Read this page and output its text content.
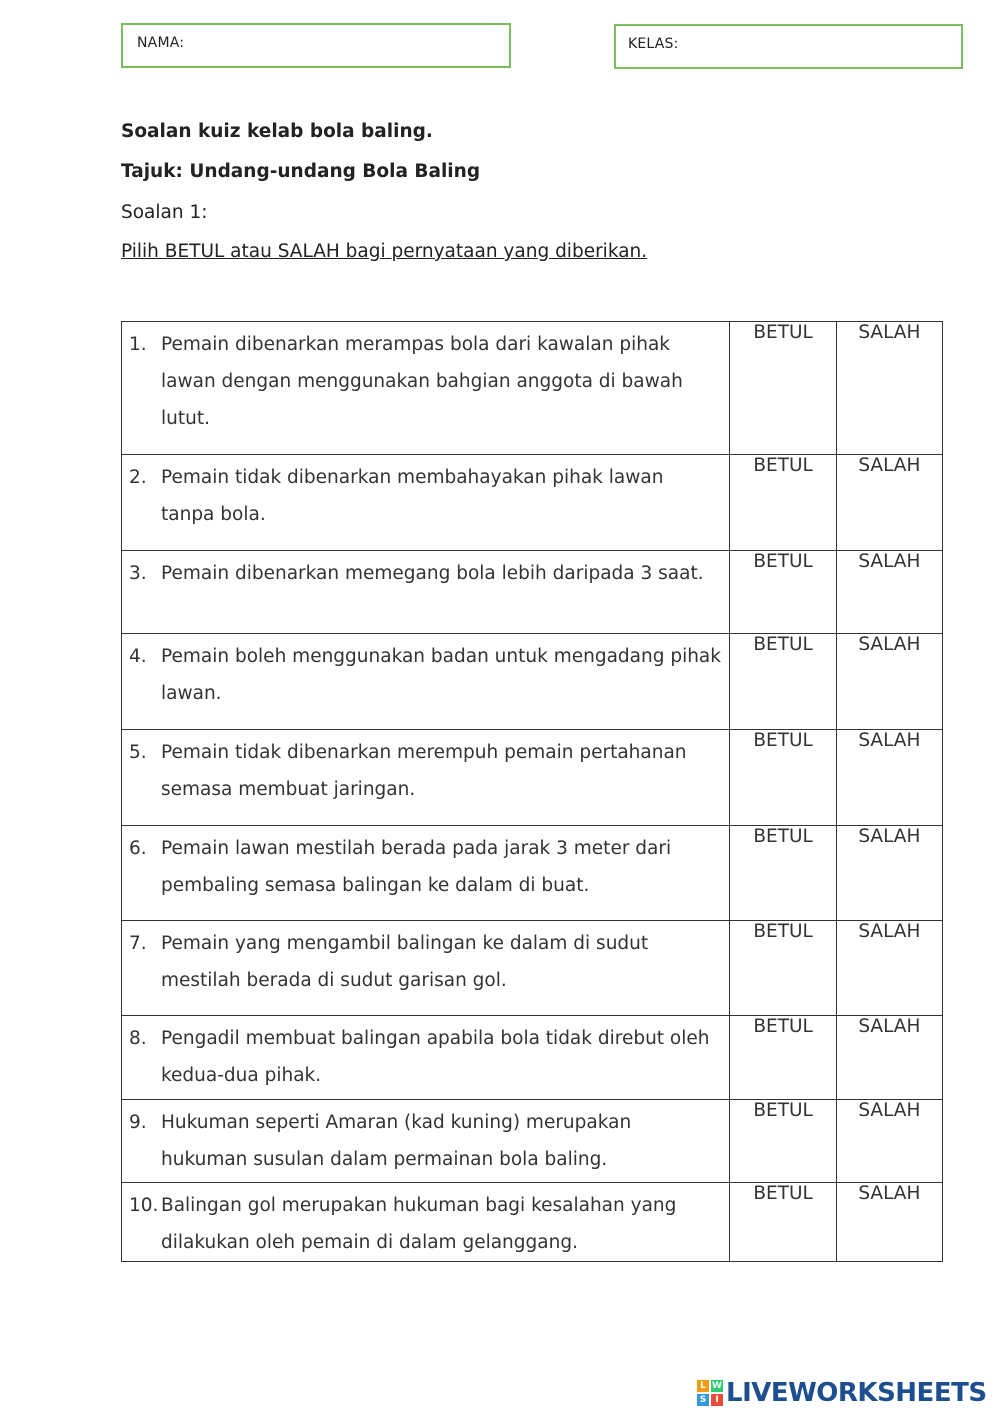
NAMA:	KELAS:
Soalan kuiz kelab bola baling.
Tajuk: Undang-undang Bola Baling
Soalan 1:
Pilih BETUL atau SALAH bagi pernyataan yang diberikan.
1. Pemain dibenarkan merampas bola dari kawalan pihak lawan dengan menggunakan bahgian anggota di bawah lutut.	BETUL	SALAH

2. Pemain tidak dibenarkan membahayakan pihak lawan tanpa bola.	BETUL	SALAH

3. Pemain dibenarkan memegang bola lebih daripada 3 saat.	BETUL	SALAH

4. Pemain boleh menggunakan badan untuk mengadang pihak lawan.	BETUL	SALAH

5. Pemain tidak dibenarkan merempuh pemain pertahanan semasa membuat jaringan.	BETUL	SALAH

6. Pemain lawan mestilah berada pada jarak 3 meter dari pembaling semasa balingan ke dalam di buat.	BETUL	SALAH

7. Pemain yang mengambil balingan ke dalam di sudut mestilah berada di sudut garisan gol.	BETUL	SALAH

8. Pengadil membuat balingan apabila bola tidak direbut oleh kedua-dua pihak.	BETUL	SALAH

9. Hukuman seperti Amaran (kad kuning) merupakan hukuman susulan dalam permainan bola baling.	BETUL	SALAH

10. Balingan gol merupakan hukuman bagi kesalahan yang dilakukan oleh pemain di dalam gelanggang.	BETUL	SALAH
L W
S	I LIVEWORKSHEETS
